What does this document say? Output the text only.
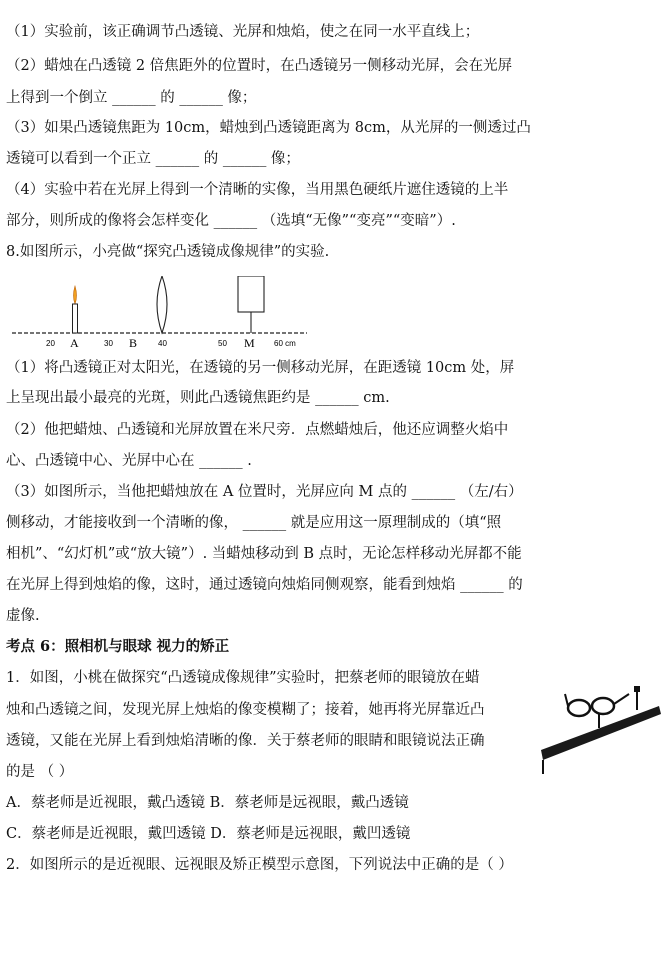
（1）实验前，该正确调节凸透镜、光屏和烛焰，使之在同一水平直线上；
（2）蜡烛在凸透镜 2 倍焦距外的位置时，在凸透镜另一侧移动光屏，会在光屏
上得到一个倒立 ______ 的 ______ 像；
（3）如果凸透镜焦距为 10cm，蜡烛到凸透镜距离为 8cm，从光屏的一侧透过凸
透镜可以看到一个正立 ______ 的 ______ 像；
（4）实验中若在光屏上得到一个清晰的实像，当用黑色硬纸片遮住透镜的上半
部分，则所成的像将会怎样变化 ______ （选填“无像”“变亮”“变暗”）.
8.如图所示，小亮做“探究凸透镜成像规律”的实验.
20 A	30 B	40	50 M 60 cm
（1）将凸透镜正对太阳光，在透镜的另一侧移动光屏，在距透镜 10cm 处，屏
上呈现出最小最亮的光斑，则此凸透镜焦距约是 ______ cm.
（2）他把蜡烛、凸透镜和光屏放置在米尺旁．点燃蜡烛后，他还应调整火焰中
心、凸透镜中心、光屏中心在 ______ .
（3）如图所示，当他把蜡烛放在 A 位置时，光屏应向 M 点的 ______ （左/右）
侧移动，才能接收到一个清晰的像， ______ 就是应用这一原理制成的（填“照
相机”、“幻灯机”或“放大镜”）. 当蜡烛移动到 B 点时，无论怎样移动光屏都不能
在光屏上得到烛焰的像，这时，通过透镜向烛焰同侧观察，能看到烛焰 ______ 的
虚像.
考点 6：照相机与眼球 视力的矫正
1．如图，小桃在做探究“凸透镜成像规律”实验时，把蔡老师的眼镜放在蜡
烛和凸透镜之间，发现光屏上烛焰的像变模糊了；接着，她再将光屏靠近凸
透镜，又能在光屏上看到烛焰清晰的像．关于蔡老师的眼睛和眼镜说法正确
的是 （ ）
A．蔡老师是近视眼，戴凸透镜 B．蔡老师是远视眼，戴凸透镜
C．蔡老师是近视眼，戴凹透镜 D．蔡老师是远视眼，戴凹透镜
2．如图所示的是近视眼、远视眼及矫正模型示意图，下列说法中正确的是（ ）
